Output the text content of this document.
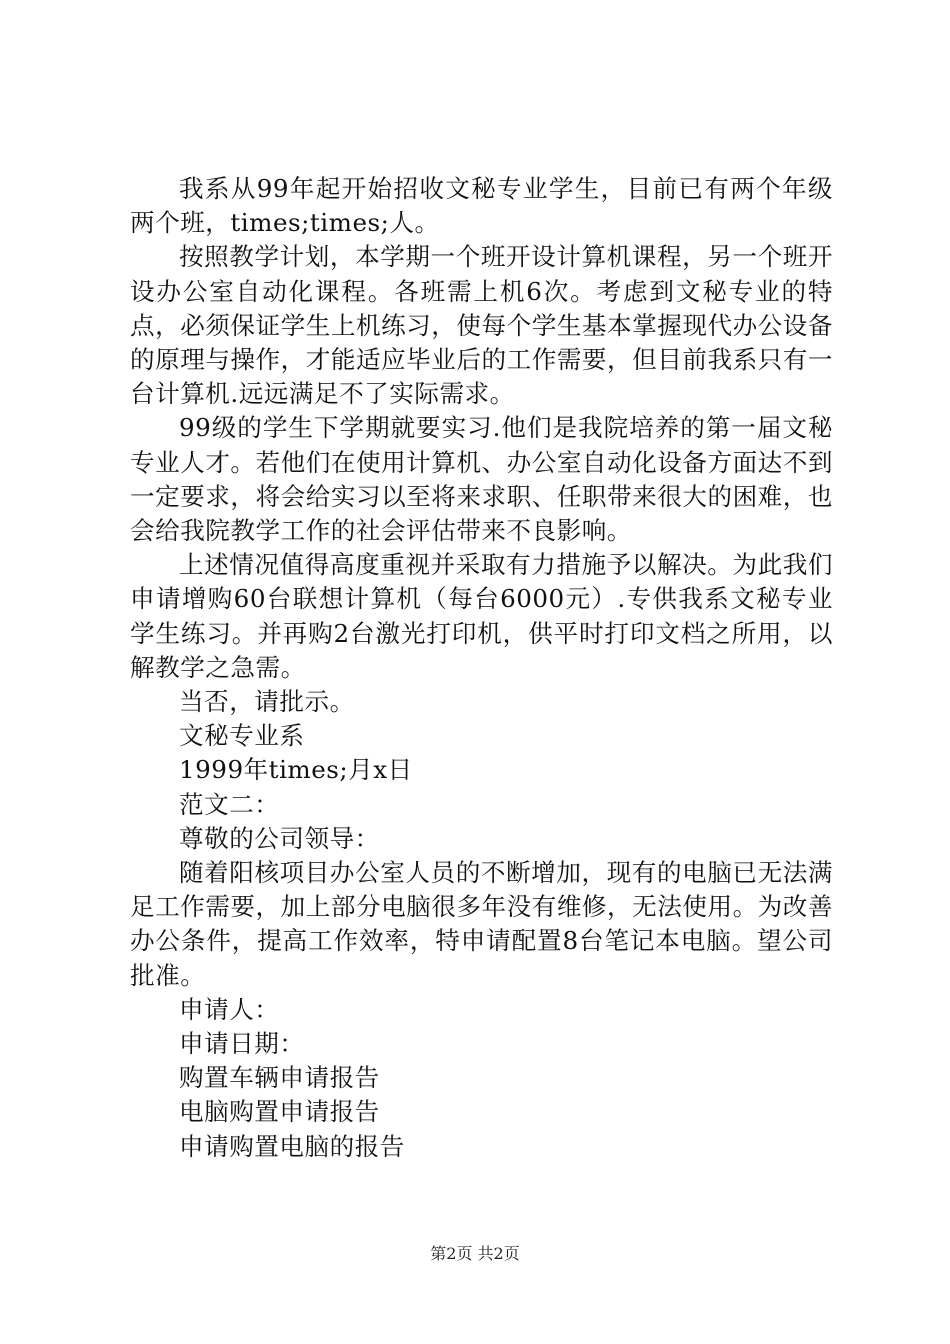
我系从99年起开始招收文秘专业学生，目前已有两个年级两个班，times;times;人。

按照教学计划，本学期一个班开设计算机课程，另一个班开设办公室自动化课程。各班需上机6次。考虑到文秘专业的特点，必须保证学生上机练习，使每个学生基本掌握现代办公设备的原理与操作，才能适应毕业后的工作需要，但目前我系只有一台计算机.远远满足不了实际需求。

99级的学生下学期就要实习.他们是我院培养的第一届文秘专业人才。若他们在使用计算机、办公室自动化设备方面达不到一定要求，将会给实习以至将来求职、任职带来很大的困难，也会给我院教学工作的社会评估带来不良影响。

上述情况值得高度重视并采取有力措施予以解决。为此我们申请增购60台联想计算机（每台6000元）.专供我系文秘专业学生练习。并再购2台激光打印机，供平时打印文档之所用，以解教学之急需。

当否，请批示。

文秘专业系

1999年times;月x日

范文二：

尊敬的公司领导：

随着阳核项目办公室人员的不断增加，现有的电脑已无法满足工作需要，加上部分电脑很多年没有维修，无法使用。为改善办公条件，提高工作效率，特申请配置8台笔记本电脑。望公司批准。

申请人：

申请日期：

购置车辆申请报告

电脑购置申请报告

申请购置电脑的报告

第2页 共2页
